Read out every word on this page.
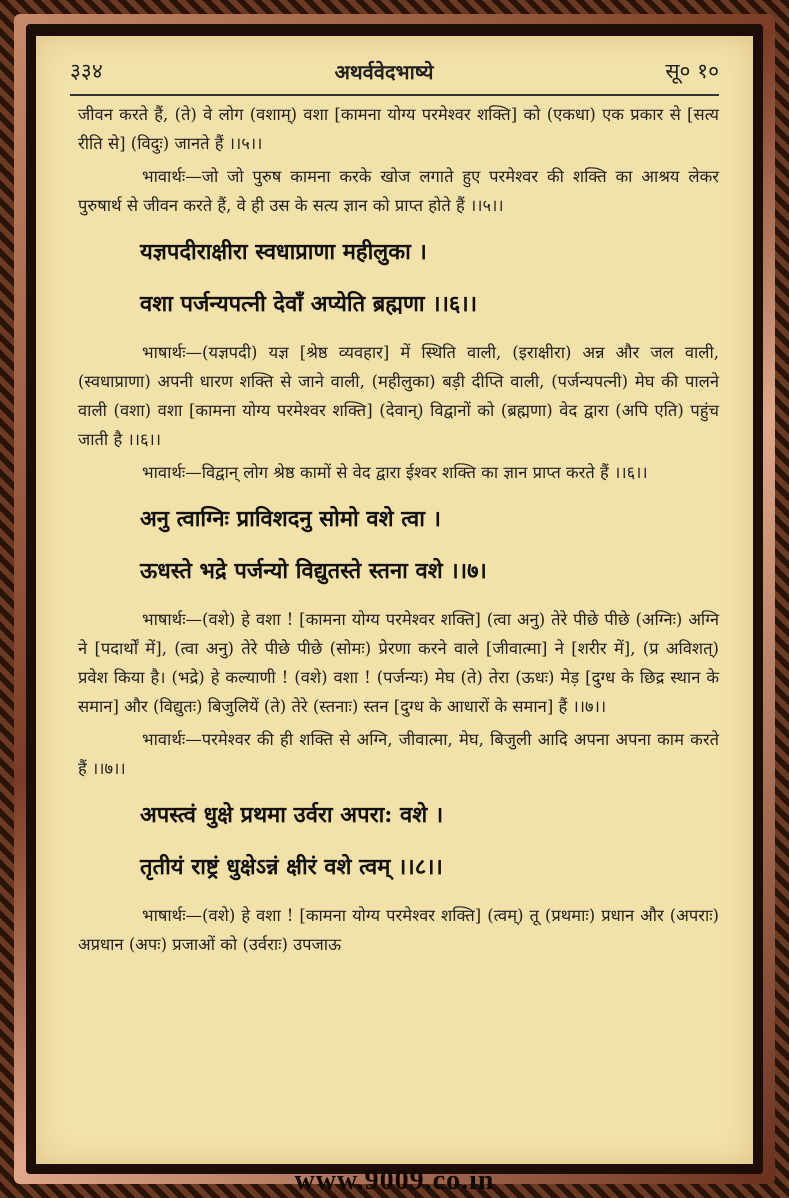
३३४	अथर्ववेदभाष्ये	सू० १०

जीवन करते हैं, (ते) वे लोग (वशाम्) वशा [कामना योग्य परमेश्वर शक्ति] को (एकधा) एक प्रकार से [सत्य रीति से] (विदुः) जानते हैं ।।५।।

भावार्थः—जो जो पुरुष कामना करके खोज लगाते हुए परमेश्वर की शक्ति का आश्रय लेकर पुरुषार्थ से जीवन करते हैं, वे ही उस के सत्य ज्ञान को प्राप्त होते हैं ।।५।।

यज्ञपदीराक्षीरा स्वधाप्राणा महीलुका ।
वशा पर्जन्यपत्नी देवाँ अप्येति ब्रह्मणा ।।६।।

भाषार्थः—(यज्ञपदी) यज्ञ [श्रेष्ठ व्यवहार] में स्थिति वाली, (इराक्षीरा) अन्न और जल वाली, (स्वधाप्राणा) अपनी धारण शक्ति से जाने वाली, (महीलुका) बड़ी दीप्ति वाली, (पर्जन्यपत्नी) मेघ की पालने वाली (वशा) वशा [कामना योग्य परमेश्वर शक्ति] (देवान्) विद्वानों को (ब्रह्मणा) वेद द्वारा (अपि एति) पहुंच जाती है ।।६।।

भावार्थः—विद्वान् लोग श्रेष्ठ कामों से वेद द्वारा ईश्वर शक्ति का ज्ञान प्राप्त करते हैं ।।६।।

अनु त्वाग्निः प्राविशदनु सोमो वशे त्वा ।
ऊधस्ते भद्रे पर्जन्यो विद्युतस्ते स्तना वशे ।।७।

भाषार्थः—(वशे) हे वशा ! [कामना योग्य परमेश्वर शक्ति] (त्वा अनु) तेरे पीछे पीछे (अग्निः) अग्नि ने [पदार्थों में], (त्वा अनु) तेरे पीछे पीछे (सोमः) प्रेरणा करने वाले [जीवात्मा] ने [शरीर में], (प्र अविशत्) प्रवेश किया है। (भद्रे) हे कल्याणी ! (वशे) वशा ! (पर्जन्यः) मेघ (ते) तेरा (ऊधः) मेड़ [दुग्ध के छिद्र स्थान के समान] और (विद्युतः) बिजुलियें (ते) तेरे (स्तनाः) स्तन [दुग्ध के आधारों के समान] हैं ।।७।।

भावार्थः—परमेश्वर की ही शक्ति से अग्नि, जीवात्मा, मेघ, बिजुली आदि अपना अपना काम करते हैं ।।७।।

अपस्त्वं धुक्षे प्रथमा उर्वरा अपरा: वशे ।
तृतीयं राष्ट्रं धुक्षेऽन्नं क्षीरं वशे त्वम् ।।८।।

भाषार्थः—(वशे) हे वशा ! [कामना योग्य परमेश्वर शक्ति] (त्वम्) तू (प्रथमाः) प्रधान और (अपराः) अप्रधान (अपः) प्रजाओं को (उर्वराः) उपजाऊ

www.9009.co.in
